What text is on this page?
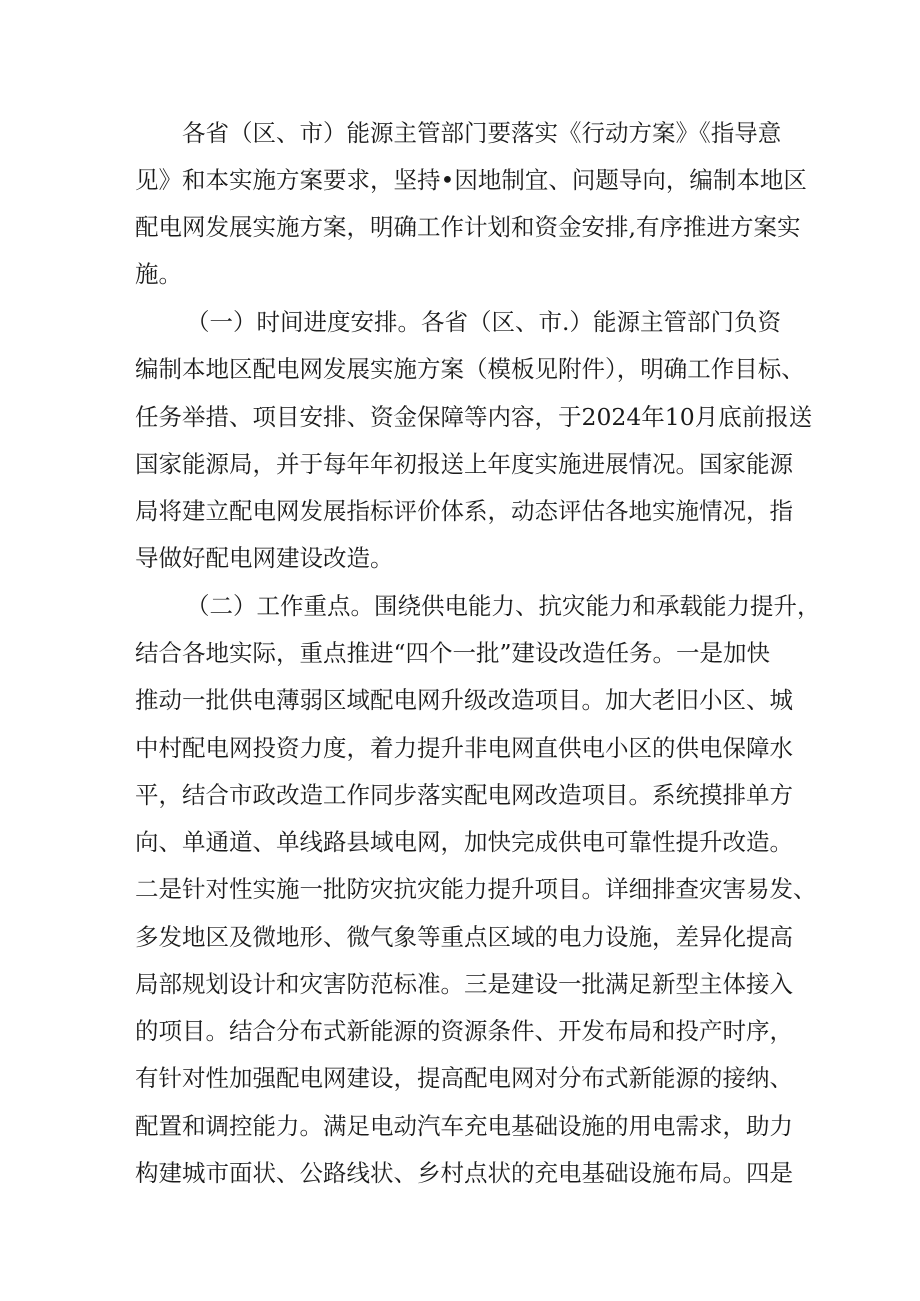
各省（区、市）能源主管部门要落实《行动方案》《指导意
见》和本实施方案要求，坚持•因地制宜、问题导向，编制本地区
配电网发展实施方案，明确工作计划和资金安排,有序推进方案实
施。
（一）时间进度安排。各省（区、市.）能源主管部门负资
编制本地区配电网发展实施方案（模板见附件），明确工作目标、
任务举措、项目安排、资金保障等内容，于2024年10月底前报送
国家能源局，并于每年年初报送上年度实施进展情况。国家能源
局将建立配电网发展指标评价体系，动态评估各地实施情况，指
导做好配电网建设改造。
（二）工作重点。围绕供电能力、抗灾能力和承载能力提升，
结合各地实际，重点推进“四个一批”建设改造任务。一是加快
推动一批供电薄弱区域配电网升级改造项目。加大老旧小区、城
中村配电网投资力度，着力提升非电网直供电小区的供电保障水
平，结合市政改造工作同步落实配电网改造项目。系统摸排单方
向、单通道、单线路县域电网，加快完成供电可靠性提升改造。
二是针对性实施一批防灾抗灾能力提升项目。详细排查灾害易发、
多发地区及微地形、微气象等重点区域的电力设施，差异化提高
局部规划设计和灾害防范标准。三是建设一批满足新型主体接入
的项目。结合分布式新能源的资源条件、开发布局和投产时序，
有针对性加强配电网建设，提高配电网对分布式新能源的接纳、
配置和调控能力。满足电动汽车充电基础设施的用电需求，助力
构建城市面状、公路线状、乡村点状的充电基础设施布局。四是
